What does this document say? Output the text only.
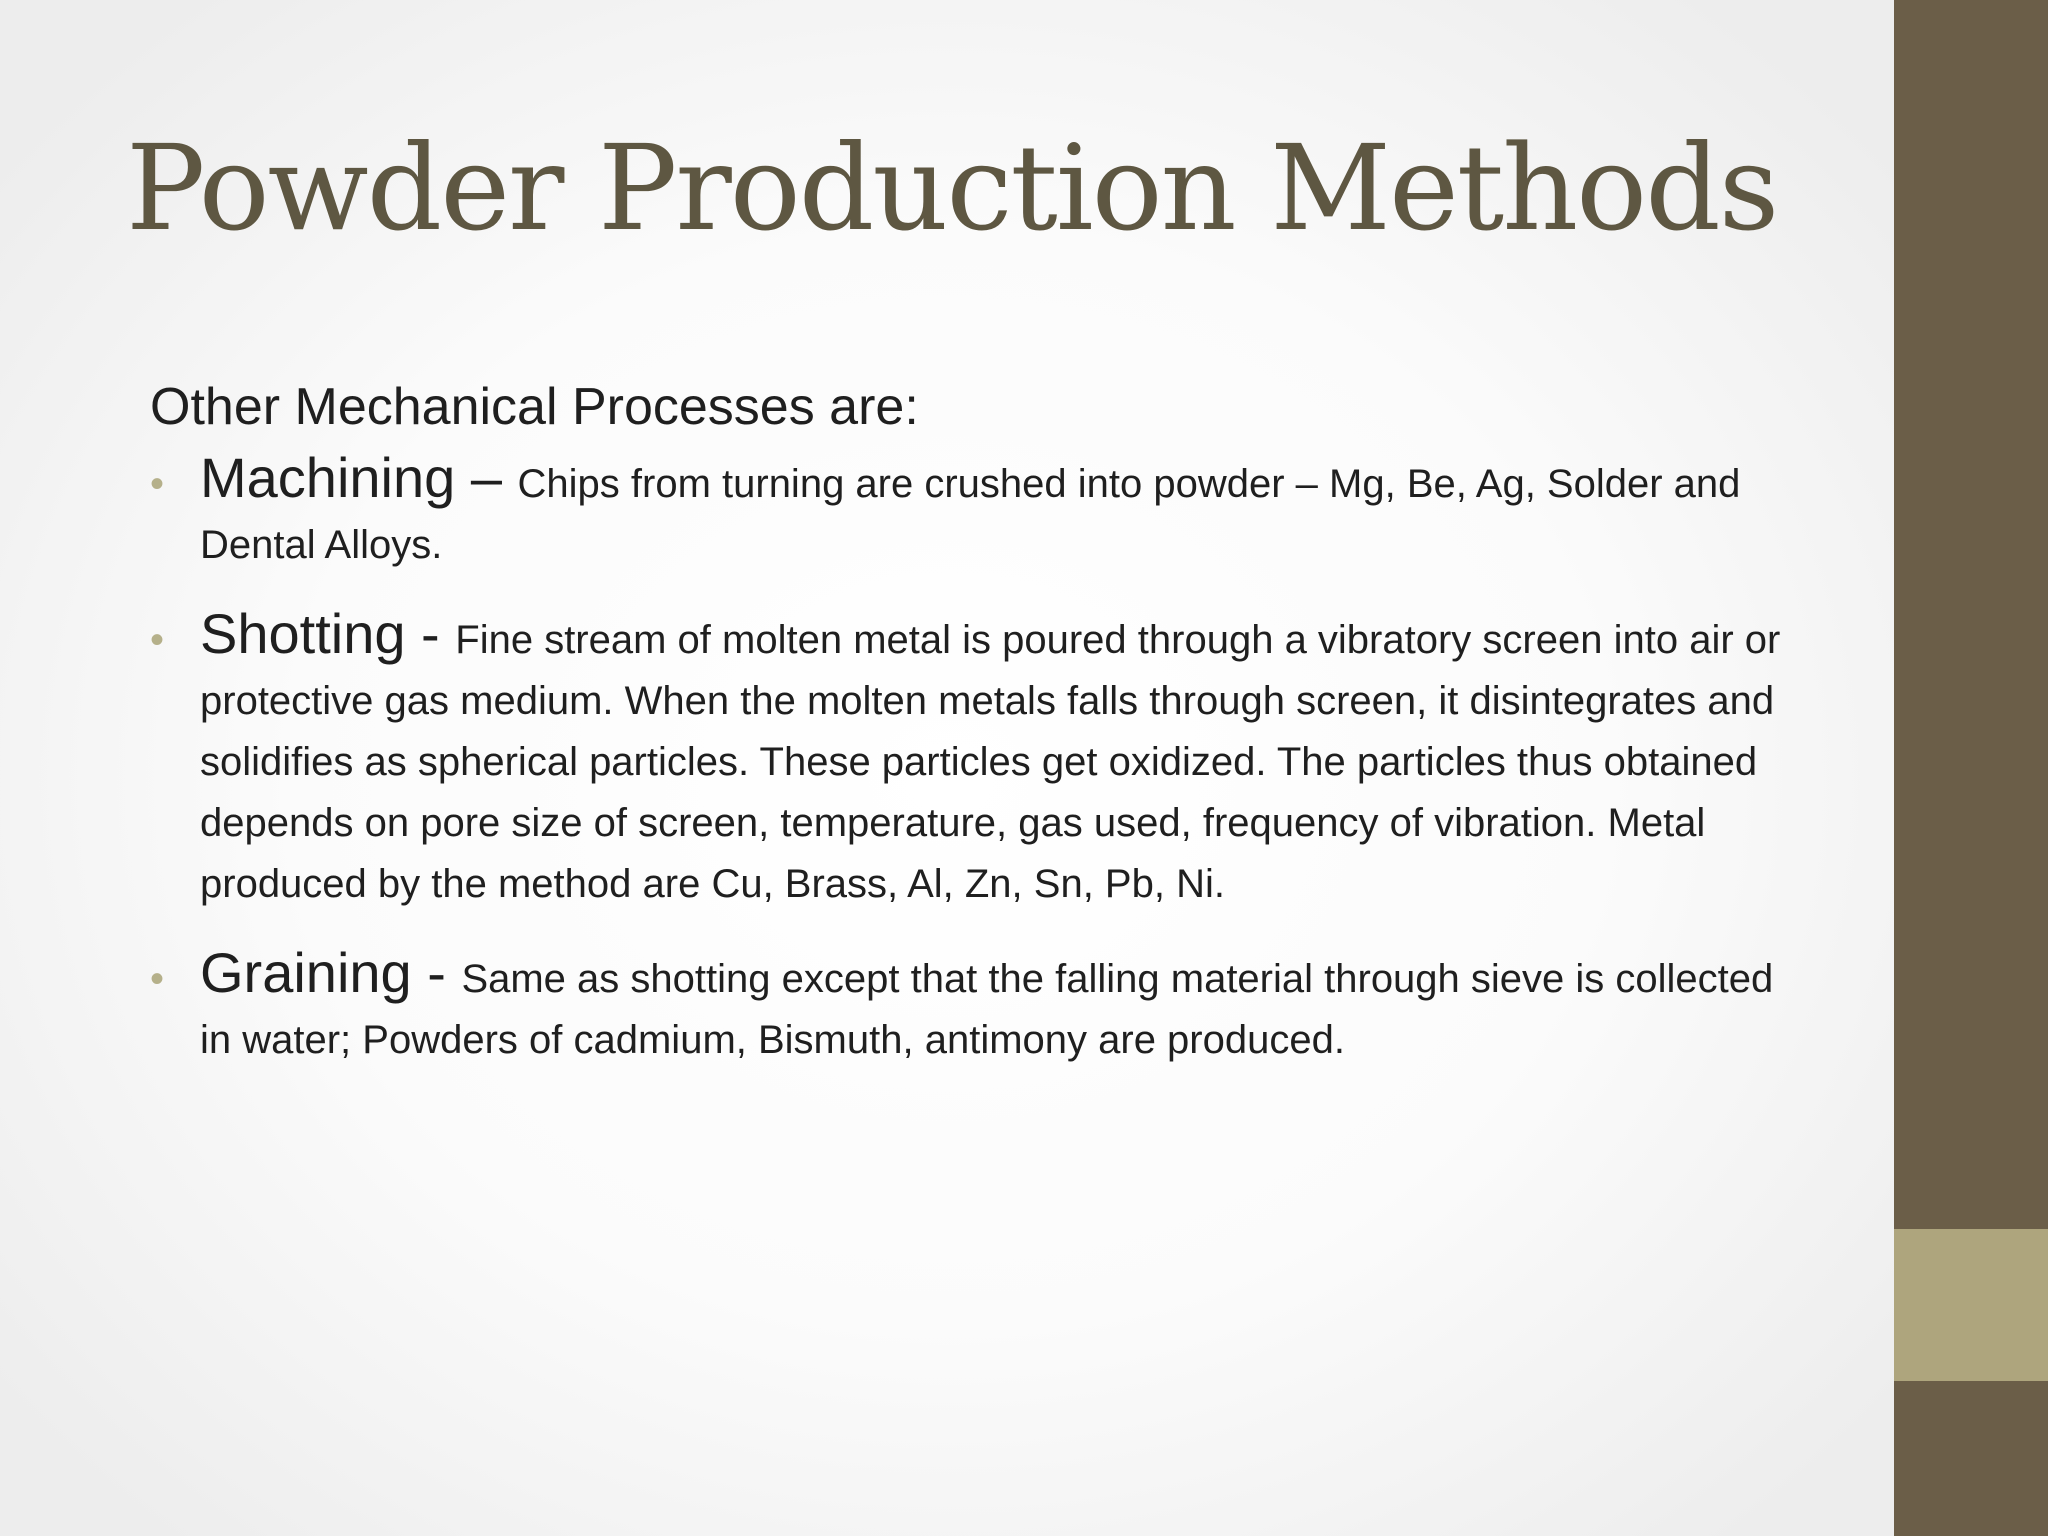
Powder Production Methods

Other Mechanical Processes are:

• Machining – Chips from turning are crushed into powder – Mg, Be, Ag, Solder and Dental Alloys.
• Shotting - Fine stream of molten metal is poured through a vibratory screen into air or protective gas medium. When the molten metals falls through screen, it disintegrates and solidifies as spherical particles. These particles get oxidized. The particles thus obtained depends on pore size of screen, temperature, gas used, frequency of vibration. Metal produced by the method are Cu, Brass, Al, Zn, Sn, Pb, Ni.
• Graining - Same as shotting except that the falling material through sieve is collected in water; Powders of cadmium, Bismuth, antimony are produced.
